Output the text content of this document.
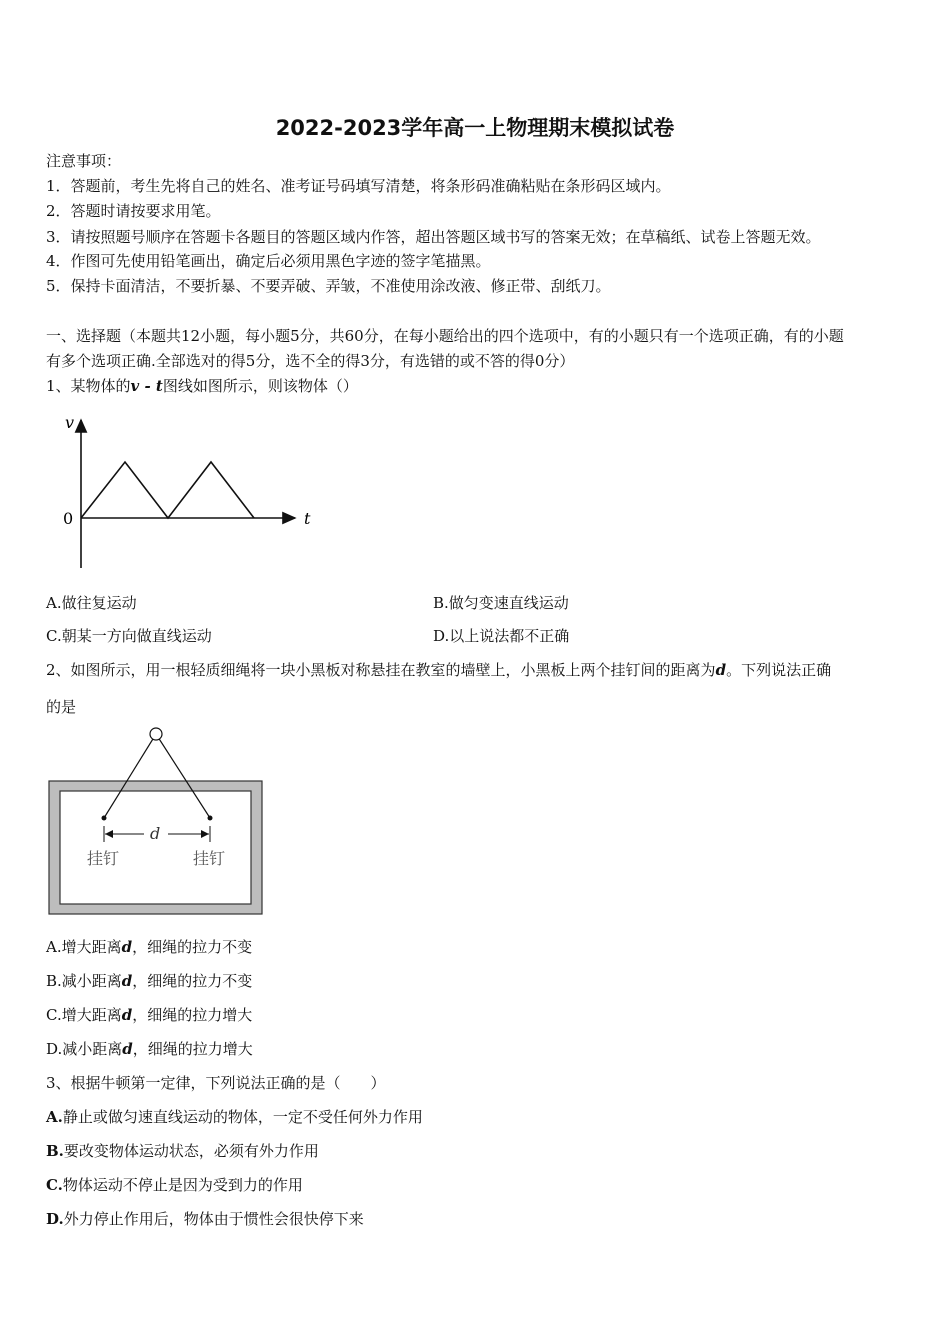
2022-2023学年高一上物理期末模拟试卷
注意事项：
1．答题前，考生先将自己的姓名、准考证号码填写清楚，将条形码准确粘贴在条形码区域内。
2．答题时请按要求用笔。
3．请按照题号顺序在答题卡各题目的答题区域内作答，超出答题区域书写的答案无效；在草稿纸、试卷上答题无效。
4．作图可先使用铅笔画出，确定后必须用黑色字迹的签字笔描黑。
5．保持卡面清洁，不要折暴、不要弄破、弄皱，不准使用涂改液、修正带、刮纸刀。
一、选择题（本题共12小题，每小题5分，共60分，在每小题给出的四个选项中，有的小题只有一个选项正确，有的小题
有多个选项正确.全部选对的得5分，选不全的得3分，有选错的或不答的得0分）
1、某物体的v - t图线如图所示，则该物体（）
v
t
0
A.做往复运动	B.做匀变速直线运动
C.朝某一方向做直线运动	D.以上说法都不正确
2、如图所示，用一根轻质细绳将一块小黑板对称悬挂在教室的墙壁上，小黑板上两个挂钉间的距离为d。下列说法正确
的是
d
挂钉	挂钉
A.增大距离d，细绳的拉力不变
B.减小距离d，细绳的拉力不变
C.增大距离d，细绳的拉力增大
D.减小距离d，细绳的拉力增大
3、根据牛顿第一定律，下列说法正确的是（　　）
A.静止或做匀速直线运动的物体，一定不受任何外力作用
B.要改变物体运动状态，必须有外力作用
C.物体运动不停止是因为受到力的作用
D.外力停止作用后，物体由于惯性会很快停下来
